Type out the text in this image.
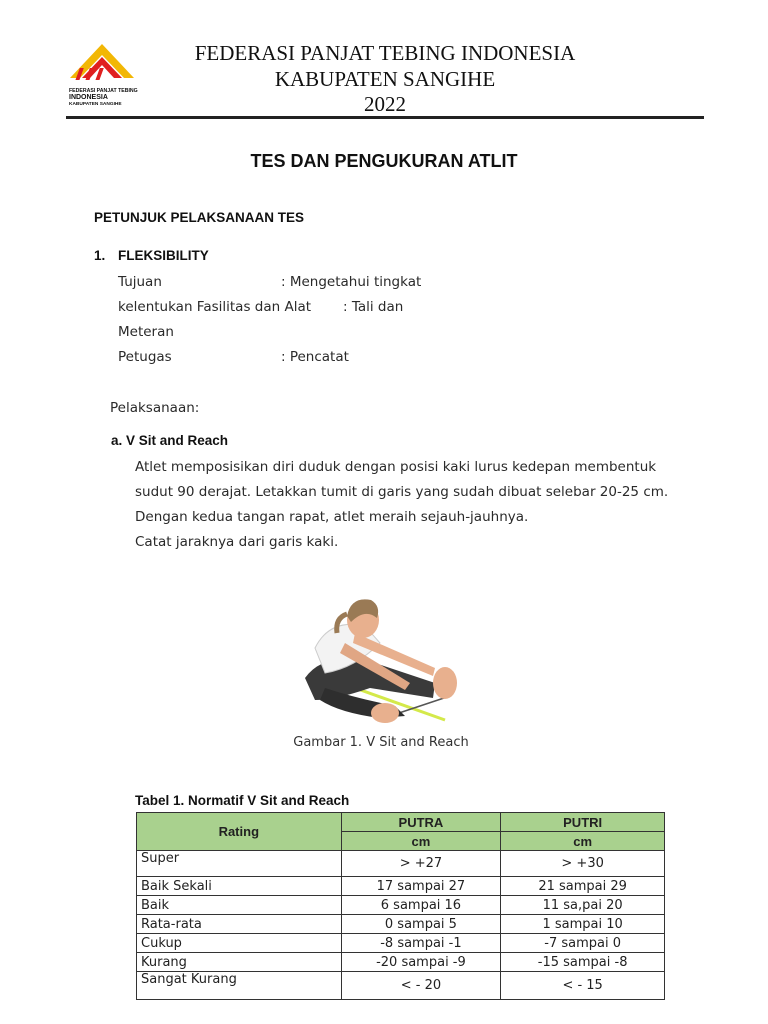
FEDERASI PANJAT TEBING
INDONESIA
KABUPATEN SANGIHE
FEDERASI PANJAT TEBING INDONESIA
KABUPATEN SANGIHE
2022
TES DAN PENGUKURAN ATLIT
PETUNJUK PELAKSANAAN TES
1. FLEKSIBILITY
Tujuan	: Mengetahui tingkat
kelentukan Fasilitas dan Alat : Tali dan
Meteran
Petugas	: Pencatat
Pelaksanaan:
a. V Sit and Reach
Atlet memposisikan diri duduk dengan posisi kaki lurus kedepan membentuk
sudut 90 derajat. Letakkan tumit di garis yang sudah dibuat selebar 20-25 cm.
Dengan kedua tangan rapat, atlet meraih sejauh-jauhnya.
Catat jaraknya dari garis kaki.
Gambar 1. V Sit and Reach
Tabel 1. Normatif V Sit and Reach
Rating	PUTRA	PUTRI
	cm	cm
Super	> +27	> +30
Baik Sekali	17 sampai 27	21 sampai 29
Baik	6 sampai 16	11 sa,pai 20
Rata-rata	0 sampai 5	1 sampai 10
Cukup	-8 sampai -1	-7 sampai 0
Kurang	-20 sampai -9	-15 sampai -8
Sangat Kurang	< - 20	< - 15
